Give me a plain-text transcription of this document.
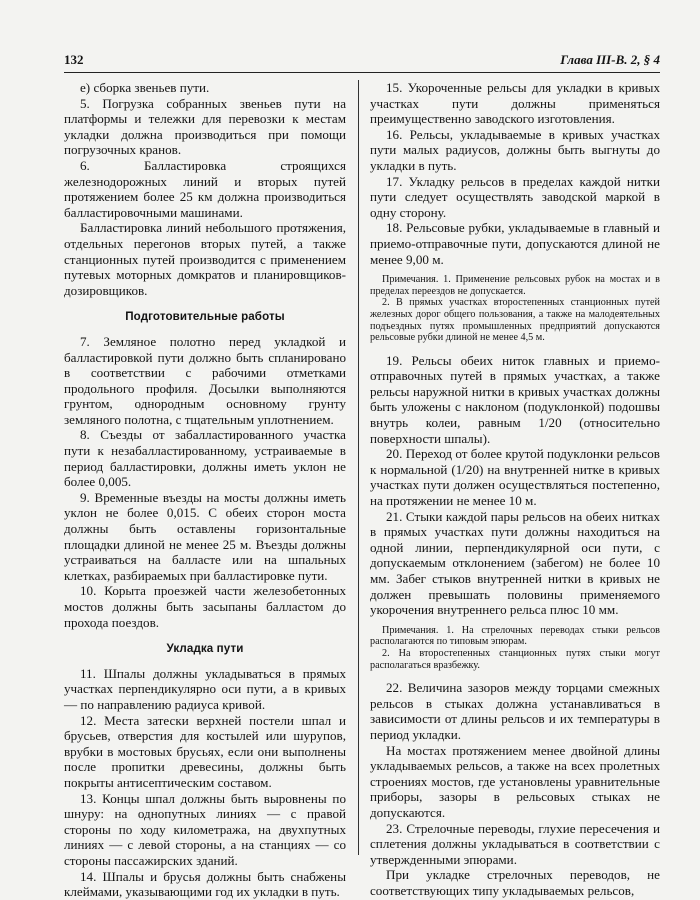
132	Глава III-В. 2, § 4

е) сборка звеньев пути.

5. Погрузка собранных звеньев пути на платформы и тележки для перевозки к местам укладки должна производиться при помощи погрузочных кранов.

6. Балластировка строящихся железнодорожных линий и вторых путей протяжением более 25 км должна производиться балластировочными машинами.

Балластировка линий небольшого протяжения, отдельных перегонов вторых путей, а также станционных путей производится с применением путевых моторных домкратов и планировщиков-дозировщиков.

Подготовительные работы

7. Земляное полотно перед укладкой и балластировкой пути должно быть спланировано в соответствии с рабочими отметками продольного профиля. Досылки выполняются грунтом, однородным основному грунту земляного полотна, с тщательным уплотнением.

8. Съезды от забалластированного участка пути к незабалластированному, устраиваемые в период балластировки, должны иметь уклон не более 0,005.

9. Временные въезды на мосты должны иметь уклон не более 0,015. С обеих сторон моста должны быть оставлены горизонтальные площадки длиной не менее 25 м. Въезды должны устраиваться на балласте или на шпальных клетках, разбираемых при балластировке пути.

10. Корыта проезжей части железобетонных мостов должны быть засыпаны балластом до прохода поездов.

Укладка пути

11. Шпалы должны укладываться в прямых участках перпендикулярно оси пути, а в кривых — по направлению радиуса кривой.

12. Места затески верхней постели шпал и брусьев, отверстия для костылей или шурупов, врубки в мостовых брусьях, если они выполнены после пропитки древесины, должны быть покрыты антисептическим составом.

13. Концы шпал должны быть выровнены по шнуру: на однопутных линиях — с правой стороны по ходу километража, на двухпутных линиях — с левой стороны, а на станциях — со стороны пассажирских зданий.

14. Шпалы и брусья должны быть снабжены клеймами, указывающими год их укладки в путь.

15. Укороченные рельсы для укладки в кривых участках пути должны применяться преимущественно заводского изготовления.

16. Рельсы, укладываемые в кривых участках пути малых радиусов, должны быть выгнуты до укладки в путь.

17. Укладку рельсов в пределах каждой нитки пути следует осуществлять заводской маркой в одну сторону.

18. Рельсовые рубки, укладываемые в главный и приемо-отправочные пути, допускаются длиной не менее 9,00 м.

Примечания. 1. Применение рельсовых рубок на мостах и в пределах переездов не допускается.

2. В прямых участках второстепенных станционных путей железных дорог общего пользования, а также на малодеятельных подъездных путях промышленных предприятий допускаются рельсовые рубки длиной не менее 4,5 м.

19. Рельсы обеих ниток главных и приемо-отправочных путей в прямых участках, а также рельсы наружной нитки в кривых участках должны быть уложены с наклоном (подуклонкой) подошвы внутрь колеи, равным 1/20 (относительно поверхности шпалы).

20. Переход от более крутой подуклонки рельсов к нормальной (1/20) на внутренней нитке в кривых участках пути должен осуществляться постепенно, на протяжении не менее 10 м.

21. Стыки каждой пары рельсов на обеих нитках в прямых участках пути должны находиться на одной линии, перпендикулярной оси пути, с допускаемым отклонением (забегом) не более 10 мм. Забег стыков внутренней нитки в кривых не должен превышать половины применяемого укорочения внутреннего рельса плюс 10 мм.

Примечания. 1. На стрелочных переводах стыки рельсов располагаются по типовым эпюрам.

2. На второстепенных станционных путях стыки могут располагаться вразбежку.

22. Величина зазоров между торцами смежных рельсов в стыках должна устанавливаться в зависимости от длины рельсов и их температуры в период укладки.

На мостах протяжением менее двойной длины укладываемых рельсов, а также на всех пролетных строениях мостов, где установлены уравнительные приборы, зазоры в рельсовых стыках не допускаются.

23. Стрелочные переводы, глухие пересечения и сплетения должны укладываться в соответствии с утвержденными эпюрами.

При укладке стрелочных переводов, не соответствующих типу укладываемых рельсов,
